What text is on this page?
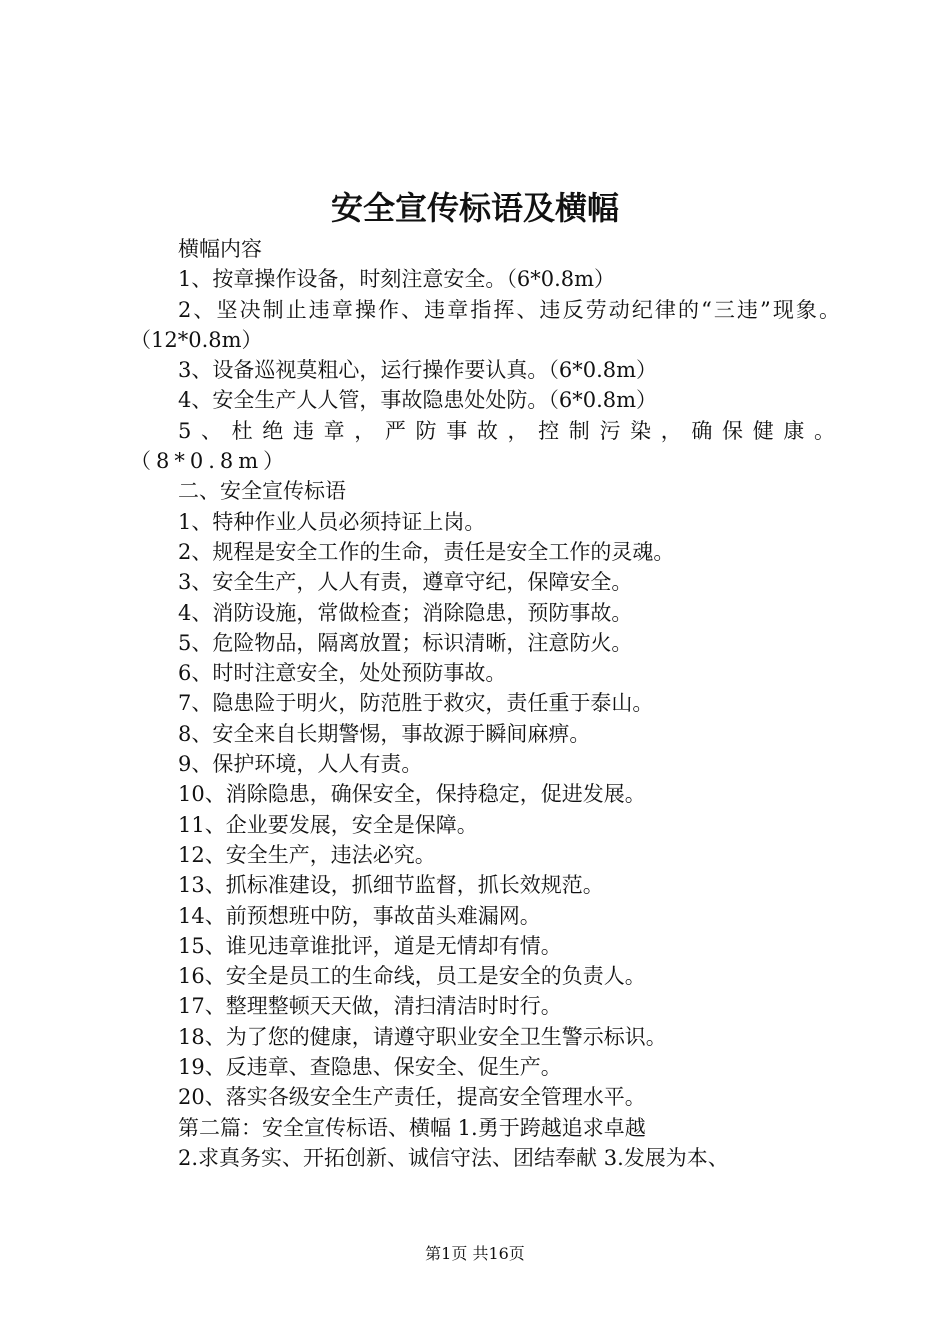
安全宣传标语及横幅

横幅内容

1、按章操作设备，时刻注意安全。（6*0.8m）

2、坚决制止违章操作、违章指挥、违反劳动纪律的“三违”现象。（12*0.8m）

3、设备巡视莫粗心，运行操作要认真。（6*0.8m）

4、安全生产人人管，事故隐患处处防。（6*0.8m）

5、杜绝违章，严防事故，控制污染，确保健康。（8*0.8m）

二、安全宣传标语

1、特种作业人员必须持证上岗。

2、规程是安全工作的生命，责任是安全工作的灵魂。

3、安全生产，人人有责，遵章守纪，保障安全。

4、消防设施，常做检查；消除隐患，预防事故。

5、危险物品，隔离放置；标识清晰，注意防火。

6、时时注意安全，处处预防事故。

7、隐患险于明火，防范胜于救灾，责任重于泰山。

8、安全来自长期警惕，事故源于瞬间麻痹。

9、保护环境，人人有责。

10、消除隐患，确保安全，保持稳定，促进发展。

11、企业要发展，安全是保障。

12、安全生产，违法必究。

13、抓标准建设，抓细节监督，抓长效规范。

14、前预想班中防，事故苗头难漏网。

15、谁见违章谁批评，道是无情却有情。

16、安全是员工的生命线，员工是安全的负责人。

17、整理整顿天天做，清扫清洁时时行。

18、为了您的健康，请遵守职业安全卫生警示标识。

19、反违章、查隐患、保安全、促生产。

20、落实各级安全生产责任，提高安全管理水平。

第二篇：安全宣传标语、横幅 1.勇于跨越追求卓越

2.求真务实、开拓创新、诚信守法、团结奉献 3.发展为本、

第1页 共16页
